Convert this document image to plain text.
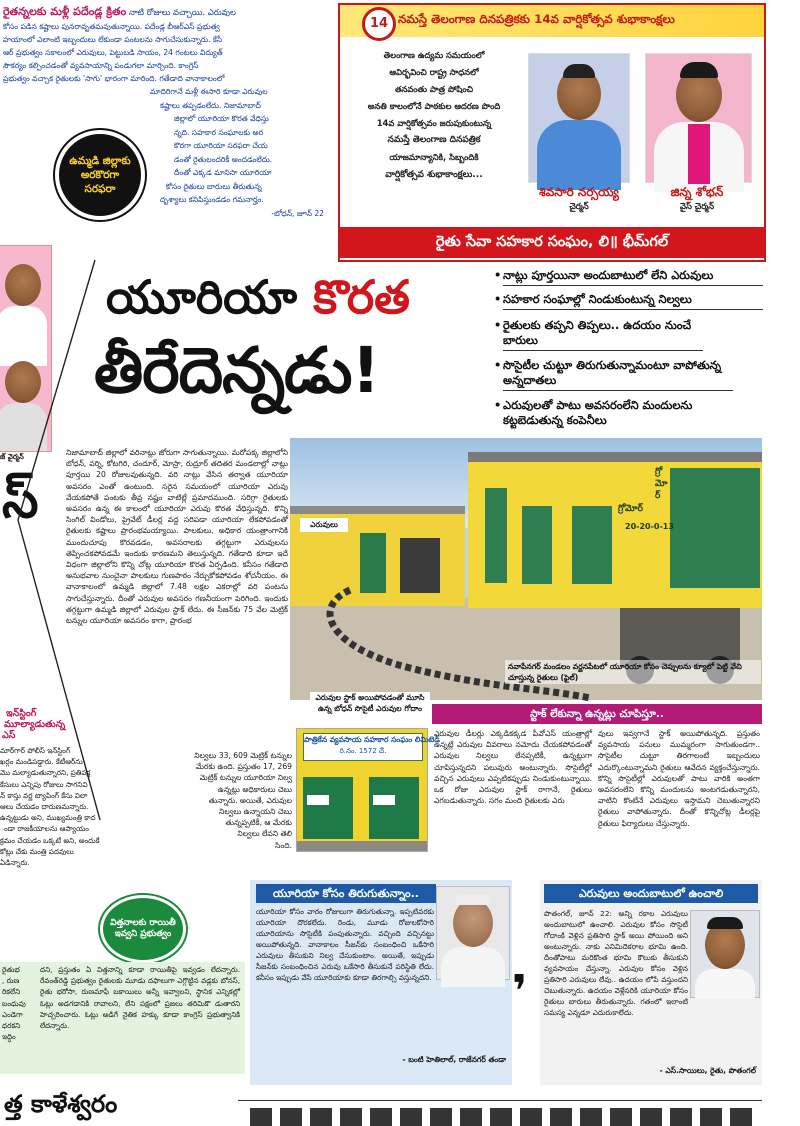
రైతన్నలకు మళ్లీ పదేండ్ల క్రితం నాటి రోజులు వచ్చాయి. ఎరువుల
కోసం పడిన కష్టాలు పునరావృతమవుతున్నాయి. పదేండ్ల బీఆర్‌ఎస్ ప్రభుత్వ
హయాంలో ఎలాంటి ఇబ్బందులు లేకుండా పంటలను సాగుచేసుకున్నారు. కేసీ
ఆర్ ప్రభుత్వం సకాలంలో ఎరువులు, పెట్టుబడి సాయం, 24 గంటలు విద్యుత్
సౌకర్యం కల్పించడంతో వ్యవసాయాన్ని పండుగలా మార్చింది. కాంగ్రెస్
ప్రభుత్వం వచ్చాక రైతులకు 'సాగు' భారంగా మారింది. గతేడాది వానాకాలంలో
మాదిరిగానే మళ్లీ ఈసారి కూడా ఎరువుల
కష్టాలు తప్పడంలేదు. నిజామాబాద్
జిల్లాలో యూరియా కొరత వేధిస్తు
న్నది. సహకార సంఘాలకు అర
కొరగా యూరియా సరఫరా చేయ
డంతో రైతులందరికీ అందడంలేదు.
దీంతో ఎక్కడ మానిసా యూరియా
కోసం రైతులు బారులు తీరుతున్న
దృశ్యాలు కనిపిస్తుండడం గమనార్హం.
-బోధన్, జూన్ 22
ఉమ్మడి జిల్లాకు అరకొరగా సరఫరా
14 నమస్తే తెలంగాణ దినపత్రికకు 14వ వార్షికోత్సవ శుభాకాంక్షలు
తెలంగాణ ఉద్యమ సమయంలో
ఆవిర్భవించి రాష్ట్ర సాధనలో
తనవంతు పాత్ర పోషించి
అనతి కాలంలోనే పాఠకుల ఆదరణ పొంది
14వ వార్షికోత్సవం జరుపుకుంటున్న
నమస్తే తెలంగాణ దినపత్రిక
యాజమాన్యానికి, సిబ్బందికి
వార్షికోత్సవ శుభాకాంక్షలు...
శివసారి నర్సయ్య
చైర్మన్
జిన్న శోభన్
వైస్ చైర్మన్
రైతు సేవా సహకార సంఘం, లి॥ భీమ్‌గల్
జ్ వైర్మన్
స్
ఇన్‌స్టింగ్
మూల్యాడుతున్న
ఎస్
మార్‌గార్ పోలీస్ ఇన్‌స్టింగ్
ఖర్గం మండిపడ్డారు. కేటీఆర్‌ను
మొ మల్యాడుతున్నారని, ప్రతిపక్ష
కేసులు ఎన్నిపు రోజులు సాగనివి
న్ కాస్తు వర్ణ ట్యాపింగ్ కేసు విలా
ఆలు చేయడం దారుణమన్నారు.
ఉన్నట్టుడు అని, ముఖ్యమంత్రి కాద
ండా రాజకీయాలను ఆప్యాయం
క్రమం చేయడం ఒక్కటే అని, అందుకే
కోట్లు చేకు మంత్రి పదవులు
ఏడిన్నారు.
విత్తనాలకు రాయితీ ఇవ్వని ప్రభుత్వం
రైతుభ
, రుణ
రికలేని
బంధువు
ఎండెగా
ధరకని
ఇద్ధిం
దని, ప్రస్తుతం ఏ విత్తనాన్ని కూడా రాయితీపై ఇవ్వడం లేదన్నారు. రేవంత్‌రెడ్డి ప్రభుత్వం రైతులకు మూడు దఫాలుగా ఎగ్గొట్టిన వడ్లకు బోనస్, రైతు భరోసా, రుణమాఫీ బకాయిలు అన్నీ ఇవ్వాలని, స్థానిక ఎన్నికల్లో ఓట్లు అడగడానికి రావాలని, లేని పక్షంలో ప్రజలు తరిమికొ డుతారని హెచ్చరించారు. ఓట్లు అడిగే నైతిక హక్కు కూడా కాంగ్రెస్ ప్రభుత్వానికి లేదన్నారు.
త్త కాళేశ్వరం
యూరియా కొరత
తీరేదెన్నడు!
• నాట్లు పూర్తయినా అందుబాటులో లేని ఎరువులు
• సహకార సంఘాల్లో నిండుకుంటున్న నిల్వలు
• రైతులకు తప్పని తిప్పలు.. ఉదయం నుంచే బారులు
• సొసైటీల చుట్టూ తిరుగుతున్నామంటూ వాపోతున్న అన్నదాతలు
• ఎరువులతో పాటు అవసరంలేని మందులను కట్టబెడుతున్న కంపెనీలు
నిజామాబాద్ జిల్లాలో వరినాట్లు జోరుగా సాగుతున్నాయి. మరోపక్క జిల్లాలోని బోధన్, వర్ని, కోటగిరి, చందూర్, మోస్రా, రుద్రూర్ తదితర మండలాల్లో నాట్లు పూర్తయి 20 రోజులవుతున్నది. వరి నాట్లు వేసిన తర్వాత యూరియా అవసరం ఎంతో ఉంటుంది. సరైన సమయంలో యూరియా ఎరువు వేయకపోతే పంటకు తీవ్ర నష్టం వాటిల్లే ప్రమాదముంది. సరిగ్గా రైతులకు అవసరం ఉన్న ఈ కాలంలో యూరియా ఎరువు కొరత వేధిస్తున్నది. కొన్ని సింగిల్ విండోలు, ప్రైవేట్ డీలర్ల వద్ద సరిపడా యూరియా లేకపోవడంతో రైతులకు కష్టాలు ప్రారంభమయ్యాయి. పాలకులు, అధికార యంత్రాంగానికి ముందుచూపు కొరవడడం, అవసరాలకు తగ్గట్టుగా ఎరువులను తెప్పించకపోవడమే ఇందుకు కారణమని తెలుస్తున్నది. గతేడాది కూడా ఇదే విధంగా జిల్లాలోని కొన్ని చోట్ల యూరియా కొరత ఏర్పడింది. కనీసం గతేడాది అనుభవాల నుంచైనా పాలకులు గుణపాఠం నేర్చుకోకపోవడం శోచనీయం. ఈ వానాకాలంలో ఉమ్మడి జిల్లాలో 7.48 లక్షల ఎకరాల్లో వరి పంటను సాగుచేస్తున్నారు. దీంతో ఎరువుల అవసరం గణనీయంగా పెరిగింది. ఇందుకు తగ్గట్టుగా ఉమ్మడి జిల్లాలో ఎరువుల స్టాక్ లేదు. ఈ సీజన్‌కు 75 వేల మెట్రిక్ టన్నుల యూరియా అవసరం కాగా, ప్రారంభ
ఎరువులు
గ్రోమోర్
గ్రో మో ర్
20-20-0-13
నవాపేనగర్ మండలం వర్ణనపేటలో యూరియా కోసం చెప్పులను క్యూలో పెట్టి వేచి చూస్తున్న రైతులు (ఫైల్)
స్టాక్ లేకున్నా ఉన్నట్లు చూపిస్తూ..
ఎరువుల స్టాక్ అయిపోవడంతో మూసి ఉన్న బోధన్ సొసైటీ ఎరువుల గోదాం
పాత్రికేన వ్యవసాయ సహకార సంఘం లిమిటెడ్
రి.నం. 1572 ౘ.
నిల్వలు 33, 609 మెట్రిక్ టన్నుల
మేరకు ఉంది. ప్రస్తుతం 17, 269
మెట్రిక్ టన్నుల యూరియా నిల్వ
ఉన్నట్లు అధికారులు చెబు
తున్నారు. అయితే, ఎరువుల
నిల్వలు ఉన్నాయని చెబు
తున్నప్పటికీ, ఆ మేరకు
నిల్వలు లేవని తెలి
సింది.
ఎరువుల డీలర్లు ఎక్కడికక్కడ పీవోఎస్ యంత్రాల్లో ఉన్నట్లే ఎరువుల వివరాలు నమోదు చేయకపోవడంతో ఎరువుల నిల్వలు లేనప్పటికీ, ఉన్నట్లుగా చూపిస్తున్నదని పలువురు అంటున్నారు. సొసైటీల్లో వచ్చిన ఎరువులు ఎప్పటికప్పుడు నిండుకుంటున్నాయి. ఒక రోజు ఎరువుల స్టాక్ రాగానే, రైతులు ఎగబడుతున్నారు. సగం మంది రైతులకు ఎరు
వులు ఇవ్వగానే స్టాక్ అయిపోతున్నది. ప్రస్తుతం వ్యవసాయ పనులు ముమ్మరంగా సాగుతుండగా.. సొసైటీల చుట్టూ తిరగాలంటే ఇబ్బందులు ఎదుర్కొంటున్నామని రైతులు ఆవేదన వ్యక్తంచేస్తున్నారు. కొన్ని సొసైటీల్లో ఎరువులతో పాటు వారికి అంతగా అవసరంలేని కొన్ని మందులను అంటగడుతున్నారని, వాటిని కొంటేనే ఎరువులు ఇస్తామని చెబుతున్నారని రైతులు వాపోతున్నారు. దీంతో కొన్నిచోట్ల డీలర్లపై రైతులు ఫిర్యాదులు చేస్తున్నారు.
యూరియా కోసం తిరుగుతున్నాం..
యూరియా కోసం వారం రోజులుగా తిరుగుతున్నా. ఇప్పటివరకు యూరియా దొరకలేదు. రెండు, మూడు రోజులకోసారి యూరియాను సొసైటీకి పంపుతున్నారు. వచ్చింది వచ్చినట్టు అయిపోతున్నది. వానాకాలం సీజన్‌కు సంబంధించి ఒకేసారి ఎరువులు తీసుకుని నిల్వ చేసుకుంటాం. అయితే, ఇప్పుడు సీజన్‌కు సంబంధించిన ఎరువు ఒకేసారి తీసుకునే పరిస్థితి లేదు. కనీసం ఇప్పుడు వేసే యూరియాకు కూడా తిరగాల్సి వస్తున్నదని.
- బంటి హెతిలాల్, రాజేనగర్ తండా
❜
ఎరువులు అందుబాటులో ఉంచాలి
పొతంగల్, జూన్ 22: అన్ని రకాల ఎరువులు అందుబాటులో ఉంచాలి. ఎరువుల కోసం సొసైటీ గోదాంకి వెళ్లిన ప్రతిసారి స్టాక్ అయి పోయింది అని అంటున్నారు. నాకు ఎనిమిదెకరాల భూమి ఉంది. దీంతోపాటు మరికొంత భూమి కౌలుకు తీసుకుని వ్యవసాయం చేస్తున్నా. ఎరువుల కోసం వెళ్లిన ప్రతిసారి ఎరువులు లేవు.. ఉదయం లోపే వస్తుందని చెబుతున్నారు. ఉదయం వెళ్లేసరికి యూరియా కోసం రైతులు బారులు తీరుతున్నారు. గతంలో ఇలాంటి సమస్య ఎన్నడూ ఎదురుకాలేదు.
- ఎస్.సాయిలు, రైతు, పొతంగల్
